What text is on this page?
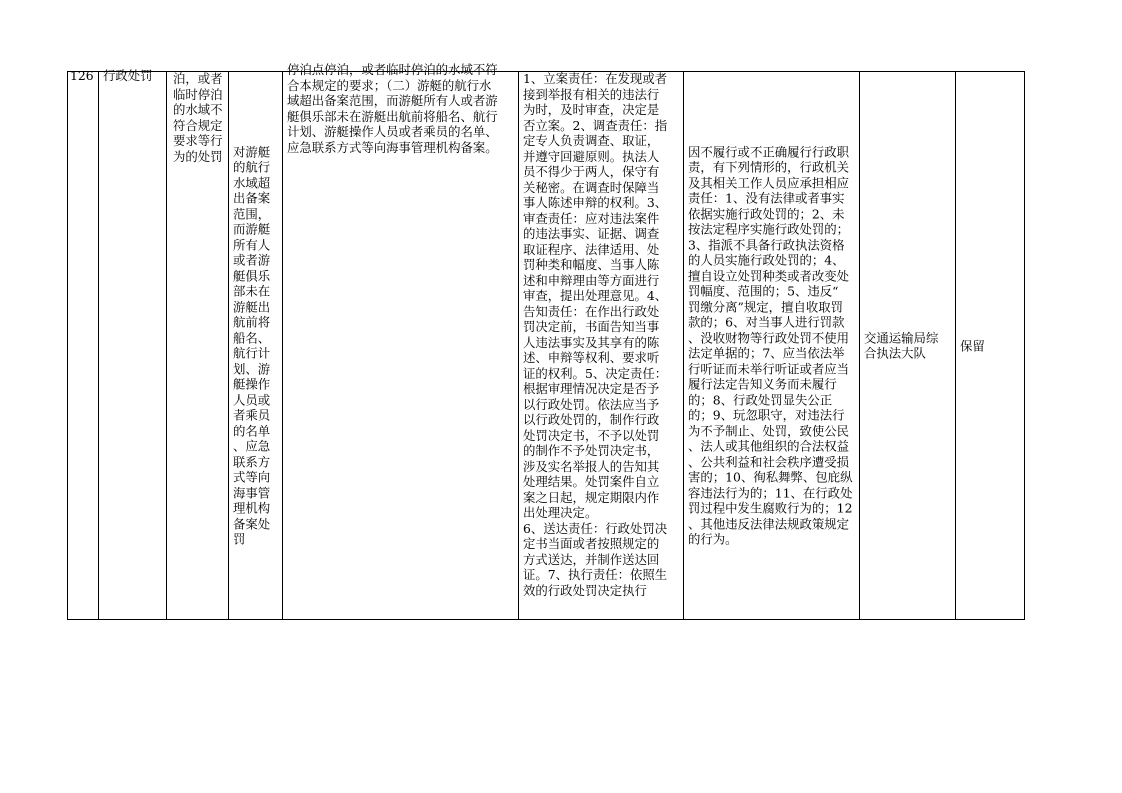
126 行政处罚	泊，或者
临时停泊
的水域不
符合规定
要求等行
为的处罚 对游艇
的航行
水域超
出备案
范围，
而游艇
所有人
或者游
艇俱乐
部未在
游艇出
航前将
船名、
航行计
划、游
艇操作
人员或
者乘员
的名单
、应急
联系方
式等向
海事管
理机构
备案处
罚
停泊点停泊，或者临时停泊的水域不符
合本规定的要求；（二）游艇的航行水
域超出备案范围，而游艇所有人或者游
艇俱乐部未在游艇出航前将船名、航行
计划、游艇操作人员或者乘员的名单、
应急联系方式等向海事管理机构备案。
1、立案责任：在发现或者
接到举报有相关的违法行
为时，及时审查，决定是
否立案。2、调查责任：指
定专人负责调查、取证，
并遵守回避原则。执法人
员不得少于两人，保守有
关秘密。在调查时保障当
事人陈述申辩的权利。3、
审查责任：应对违法案件
的违法事实、证据、调查
取证程序、法律适用、处
罚种类和幅度、当事人陈
述和申辩理由等方面进行
审查，提出处理意见。4、
告知责任：在作出行政处
罚决定前，书面告知当事
人违法事实及其享有的陈
述、申辩等权利、要求听
证的权利。5、决定责任：
根据审理情况决定是否予
以行政处罚。依法应当予
以行政处罚的，制作行政
处罚决定书，不予以处罚
的制作不予处罚决定书，
涉及实名举报人的告知其
处理结果。处罚案件自立
案之日起，规定期限内作
出处理决定。
6、送达责任：行政处罚决
定书当面或者按照规定的
方式送达，并制作送达回
证。7、执行责任：依照生
效的行政处罚决定执行
因不履行或不正确履行行政职
责，有下列情形的，行政机关
及其相关工作人员应承担相应
责任：1、没有法律或者事实
依据实施行政处罚的；2、未
按法定程序实施行政处罚的；
3、指派不具备行政执法资格
的人员实施行政处罚的；4、
擅自设立处罚种类或者改变处
罚幅度、范围的；5、违反“
罚缴分离”规定，擅自收取罚
款的；6、对当事人进行罚款
、没收财物等行政处罚不使用
法定单据的；7、应当依法举
行听证而未举行听证或者应当
履行法定告知义务而未履行
的；8、行政处罚显失公正
的；9、玩忽职守，对违法行
为不予制止、处罚，致使公民
、法人或其他组织的合法权益
、公共利益和社会秩序遭受损
害的；10、徇私舞弊、包庇纵
容违法行为的；11、在行政处
罚过程中发生腐败行为的；12
、其他违反法律法规政策规定
的行为。
交通运输局综
合执法大队
保留
